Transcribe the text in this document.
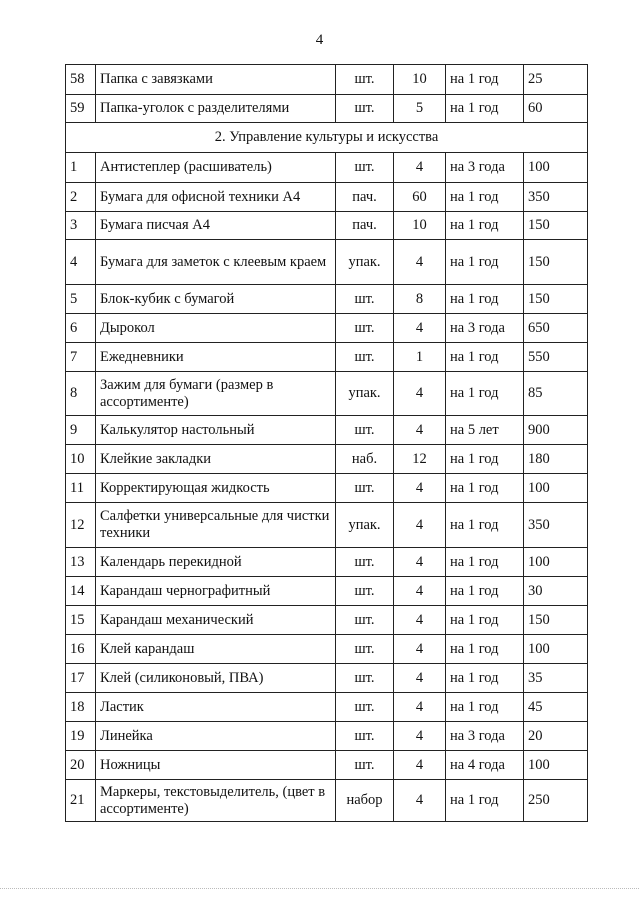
4
58	Папка с завязками	шт.	10	на 1 год	25
59	Папка-уголок с разделителями	шт.	5	на 1 год	60
2. Управление культуры и искусства					
1	Антистеплер (расшиватель)	шт.	4	на 3 года	100
2	Бумага для офисной техники А4	пач.	60	на 1 год	350
3	Бумага писчая А4	пач.	10	на 1 год	150
4	Бумага для заметок с клеевым краем	упак.	4	на 1 год	150
5	Блок-кубик с бумагой	шт.	8	на 1 год	150
6	Дырокол	шт.	4	на 3 года	650
7	Ежедневники	шт.	1	на 1 год	550
8	Зажим для бумаги (размер в ассортименте)	упак.	4	на 1 год	85
9	Калькулятор настольный	шт.	4	на 5 лет	900
10	Клейкие закладки	наб.	12	на 1 год	180
11	Корректирующая жидкость	шт.	4	на 1 год	100
12	Салфетки универсальные для чистки техники	упак.	4	на 1 год	350
13	Календарь перекидной	шт.	4	на 1 год	100
14	Карандаш чернографитный	шт.	4	на 1 год	30
15	Карандаш механический	шт.	4	на 1 год	150
16	Клей карандаш	шт.	4	на 1 год	100
17	Клей (силиконовый, ПВА)	шт.	4	на 1 год	35
18	Ластик	шт.	4	на 1 год	45
19	Линейка	шт.	4	на 3 года	20
20	Ножницы	шт.	4	на 4 года	100
21	Маркеры, текстовыделитель, (цвет в ассортименте)	набор	4	на 1 год	250
